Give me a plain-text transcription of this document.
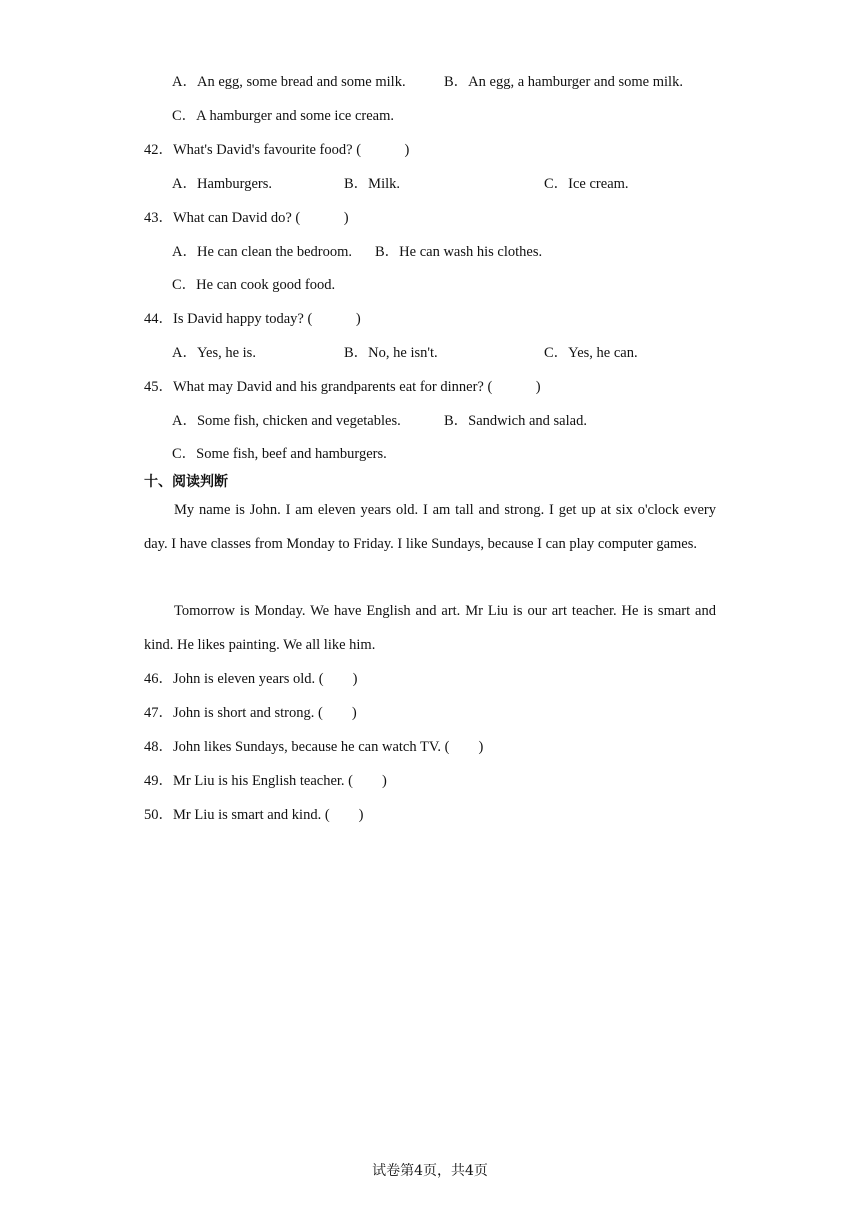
A．An egg, some bread and some milk.	B．An egg, a hamburger and some milk.
C．A hamburger and some ice cream.
42．What's David's favourite food? (　　　)
A．Hamburgers.	B．Milk.	C．Ice cream.
43．What can David do? (　　　)
A．He can clean the bedroom. B．He can wash his clothes.
C．He can cook good food.
44．Is David happy today? (　　　)
A．Yes, he is.	B．No, he isn't.	C．Yes, he can.
45．What may David and his grandparents eat for dinner? (　　　)
A．Some fish, chicken and vegetables.	B．Sandwich and salad.
C．Some fish, beef and hamburgers.
十、阅读判断
My name is John. I am eleven years old. I am tall and strong. I get up at six o'clock every day. I have classes from Monday to Friday. I like Sundays, because I can play computer games.
Tomorrow is Monday. We have English and art. Mr Liu is our art teacher. He is smart and kind. He likes painting. We all like him.
46．John is eleven years old. (　　)
47．John is short and strong. (　　)
48．John likes Sundays, because he can watch TV. (　　)
49．Mr Liu is his English teacher. (　　)
50．Mr Liu is smart and kind. (　　)
试卷第4页，共4页
